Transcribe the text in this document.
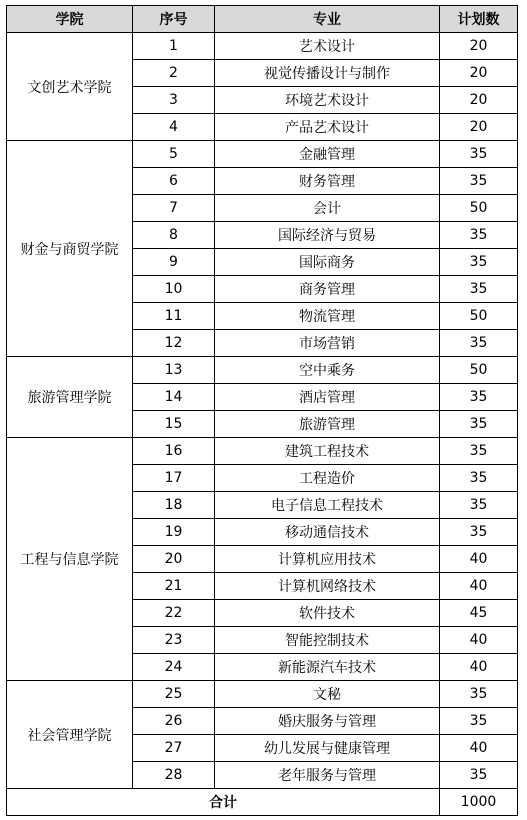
学院	序号	专业	计划数
文创艺术学院	1	艺术设计	20
	2	视觉传播设计与制作	20
	3	环境艺术设计	20
	4	产品艺术设计	20
财金与商贸学院	5	金融管理	35
	6	财务管理	35
	7	会计	50
	8	国际经济与贸易	35
	9	国际商务	35
	10	商务管理	35
	11	物流管理	50
	12	市场营销	35
旅游管理学院	13	空中乘务	50
	14	酒店管理	35
	15	旅游管理	35
工程与信息学院	16	建筑工程技术	35
	17	工程造价	35
	18	电子信息工程技术	35
	19	移动通信技术	35
	20	计算机应用技术	40
	21	计算机网络技术	40
	22	软件技术	45
	23	智能控制技术	40
	24	新能源汽车技术	40
社会管理学院	25	文秘	35
	26	婚庆服务与管理	35
	27	幼儿发展与健康管理	40
	28	老年服务与管理	35
合计			1000
